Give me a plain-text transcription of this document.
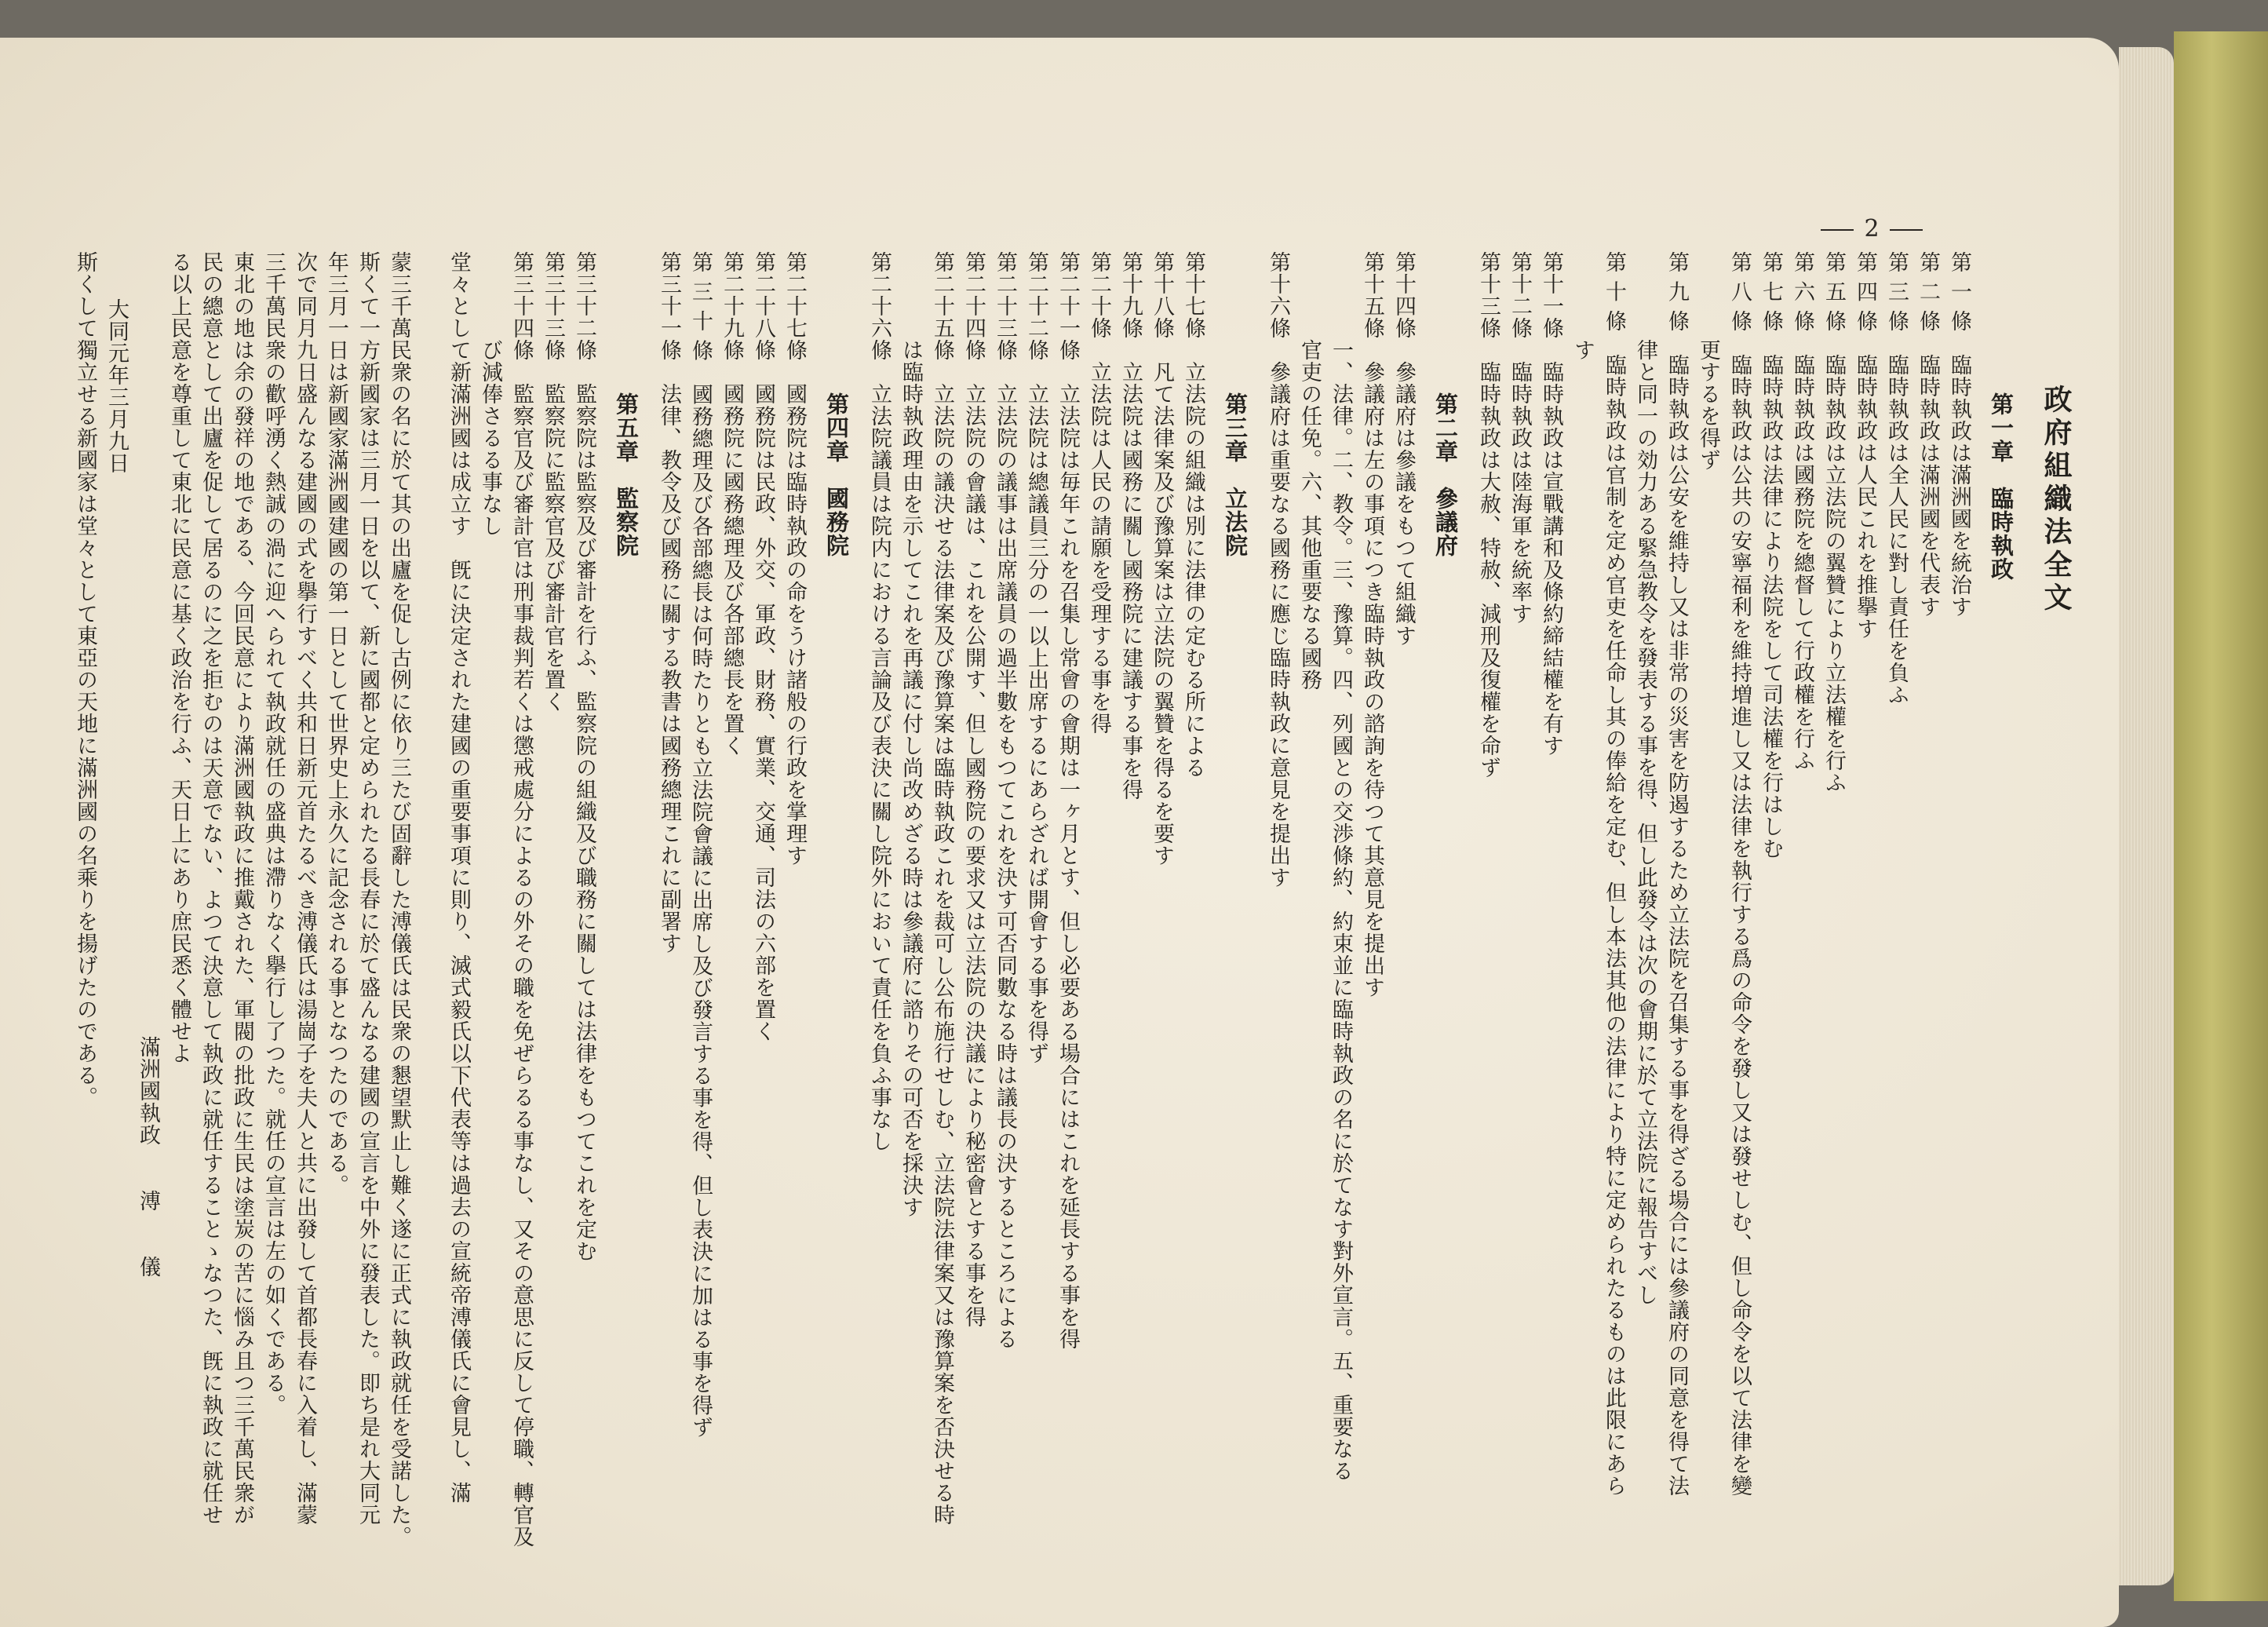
2
政府組織法全文
第一章　臨時執政
第 一 條　臨時執政は滿洲國を統治す
第 二 條　臨時執政は滿洲國を代表す
第 三 條　臨時執政は全人民に對し責任を負ふ
第 四 條　臨時執政は人民これを推擧す
第 五 條　臨時執政は立法院の翼贊により立法權を行ふ
第 六 條　臨時執政は國務院を總督して行政權を行ふ
第 七 條　臨時執政は法律により法院をして司法權を行はしむ
第 八 條　臨時執政は公共の安寧福利を維持増進し又は法律を執行する爲の命令を發し又は發せしむ、但し命令を以て法律を變
更するを得ず
第 九 條　臨時執政は公安を維持し又は非常の災害を防遏するため立法院を召集する事を得ざる場合には參議府の同意を得て法
律と同一の効力ある緊急教令を發表する事を得、但し此發令は次の會期に於て立法院に報告すべし
第 十 條　臨時執政は官制を定め官吏を任命し其の俸給を定む、但し本法其他の法律により特に定められたるものは此限にあら
す
第十一條　臨時執政は宣戰講和及條約締結權を有す
第十二條　臨時執政は陸海軍を統率す
第十三條　臨時執政は大赦、特赦、減刑及復權を命ず
第二章　參議府
第十四條　參議府は參議をもつて組織す
第十五條　參議府は左の事項につき臨時執政の諮詢を待つて其意見を提出す
一、法律。二、教令。三、豫算。四、列國との交渉條約、約束並に臨時執政の名に於てなす對外宣言。五、重要なる
官吏の任免。六、其他重要なる國務
第十六條　參議府は重要なる國務に應じ臨時執政に意見を提出す
第三章　立法院
第十七條　立法院の組織は別に法律の定むる所による
第十八條　凡て法律案及び豫算案は立法院の翼贊を得るを要す
第十九條　立法院は國務に關し國務院に建議する事を得
第二十條　立法院は人民の請願を受理する事を得
第二十一條　立法院は毎年これを召集し常會の會期は一ヶ月とす、但し必要ある場合にはこれを延長する事を得
第二十二條　立法院は總議員三分の一以上出席するにあらざれば開會する事を得ず
第二十三條　立法院の議事は出席議員の過半數をもつてこれを決す可否同數なる時は議長の決するところによる
第二十四條　立法院の會議は、これを公開す、但し國務院の要求又は立法院の決議により秘密會とする事を得
第二十五條　立法院の議決せる法律案及び豫算案は臨時執政これを裁可し公布施行せしむ、立法院法律案又は豫算案を否決せる時
は臨時執政理由を示してこれを再議に付し尚改めざる時は參議府に諮りその可否を採決す
第二十六條　立法院議員は院内における言論及び表決に關し院外において責任を負ふ事なし
第四章　國務院
第二十七條　國務院は臨時執政の命をうけ諸般の行政を掌理す
第二十八條　國務院は民政、外交、軍政、財務、實業、交通、司法の六部を置く
第二十九條　國務院に國務總理及び各部總長を置く
第 三 十 條　國務總理及び各部總長は何時たりとも立法院會議に出席し及び發言する事を得、但し表決に加はる事を得ず
第三十一條　法律、教令及び國務に關する教書は國務總理これに副署す
第五章　監察院
第三十二條　監察院は監察及び審計を行ふ、監察院の組織及び職務に關しては法律をもつてこれを定む
第三十三條　監察院に監察官及び審計官を置く
第三十四條　監察官及び審計官は刑事裁判若くは懲戒處分によるの外その職を免ぜらるる事なし、又その意思に反して停職、轉官及
び減俸さるる事なし
堂々として新滿洲國は成立す　旣に決定された建國の重要事項に則り、滅式毅氏以下代表等は過去の宣統帝溥儀氏に會見し、滿
蒙三千萬民衆の名に於て其の出廬を促し古例に依り三たび固辭した溥儀氏は民衆の懇望默止し難く遂に正式に執政就任を受諾した。
斯くて一方新國家は三月一日を以て、新に國都と定められたる長春に於て盛んなる建國の宣言を中外に發表した。即ち是れ大同元
年三月一日は新國家滿洲國建國の第一日として世界史上永久に記念される事となつたのである。
次で同月九日盛んなる建國の式を擧行すべく共和日新元首たるべき溥儀氏は湯崗子を夫人と共に出發して首都長春に入着し、滿蒙
三千萬民衆の歡呼湧く熱誠の渦に迎へられて執政就任の盛典は滯りなく擧行し了つた。就任の宣言は左の如くである。
東北の地は余の發祥の地である、今回民意により滿洲國執政に推戴された、軍閥の批政に生民は塗炭の苦に惱み且つ三千萬民衆が
民の總意として出廬を促して居るのに之を拒むのは天意でない、よつて決意して執政に就任することゝなつた、旣に執政に就任せ
る以上民意を尊重して東北に民意に基く政治を行ふ、天日上にあり庶民悉く體せよ
滿洲國執政　　溥　　儀
大同元年三月九日
斯くして獨立せる新國家は堂々として東亞の天地に滿洲國の名乘りを揚げたのである。
